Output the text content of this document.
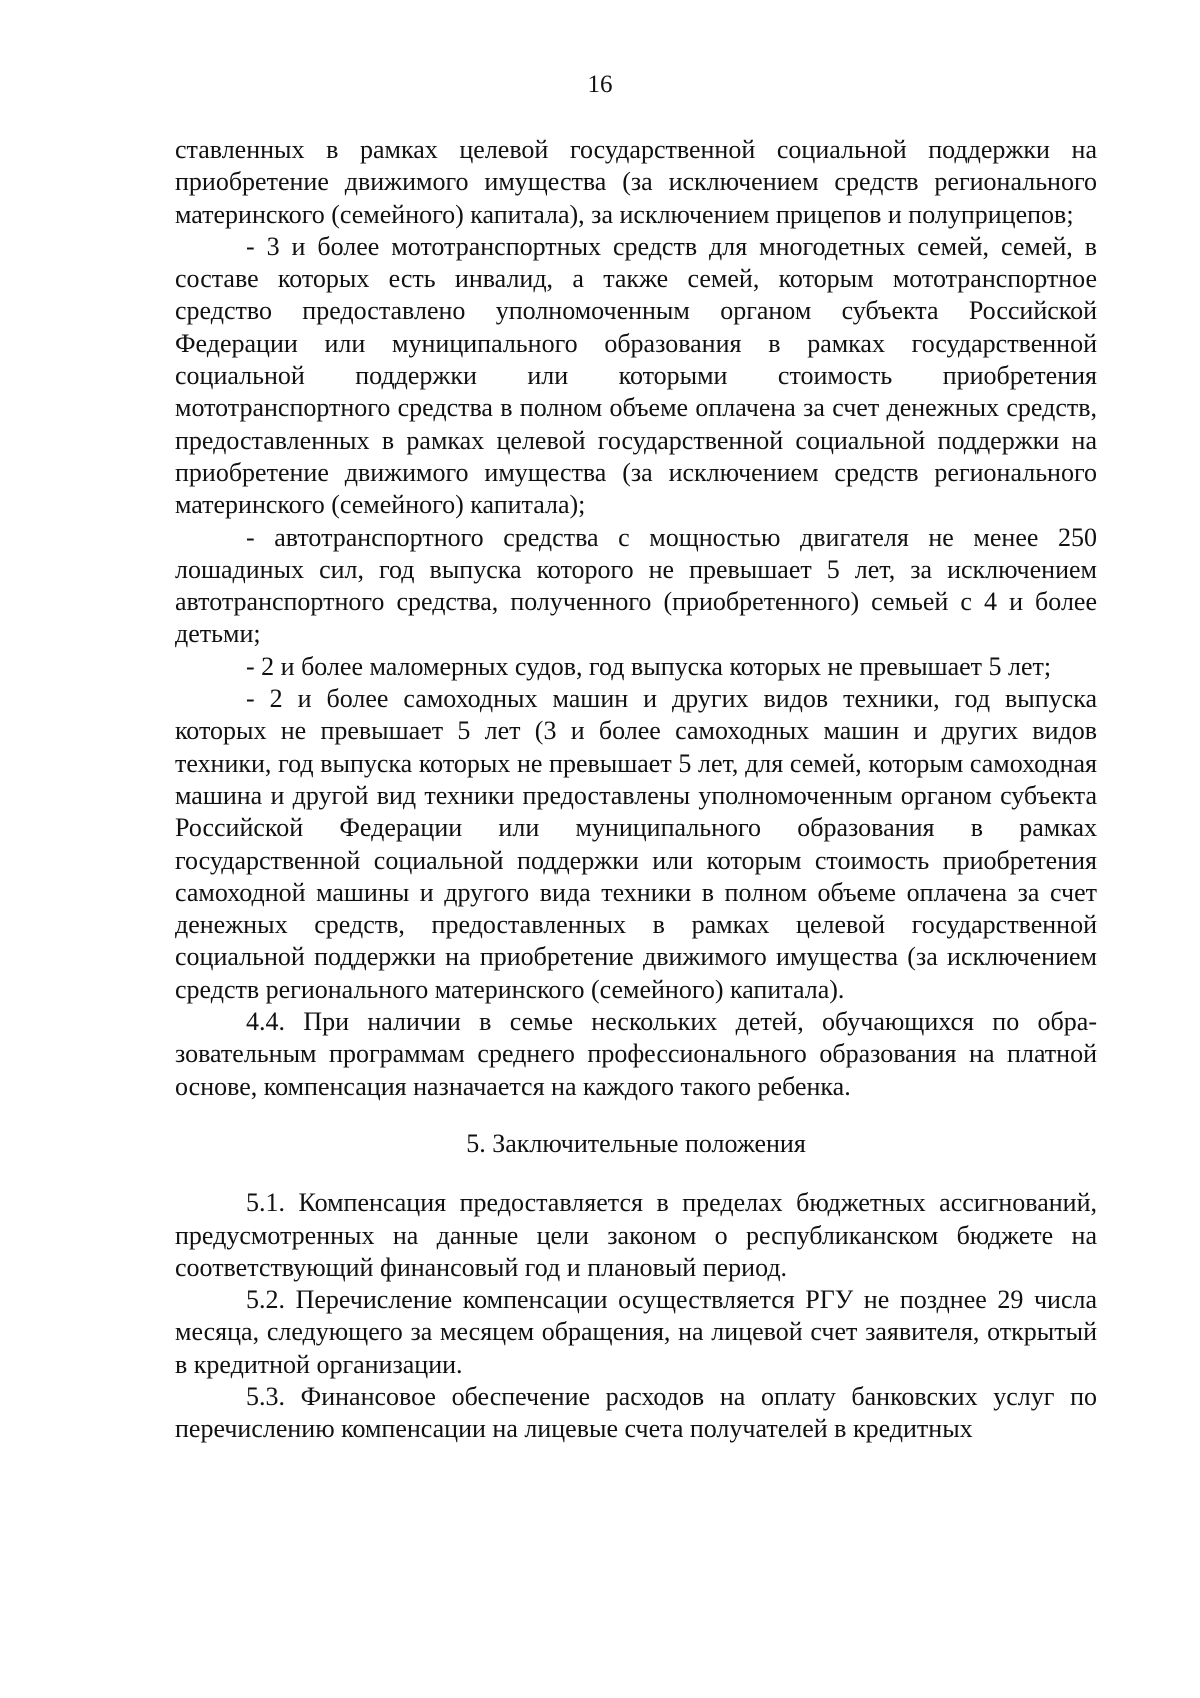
16

ставленных в рамках целевой государственной социальной поддержки на приобретение движимого имущества (за исключением средств регионального материнского (семейного) капитала), за исключением прицепов и полуприцепов;

- 3 и более мототранспортных средств для многодетных семей, семей, в составе которых есть инвалид, а также семей, которым мототранспортное средство предоставлено уполномоченным органом субъекта Российской Федерации или муниципального образования в рамках государственной социальной поддержки или которыми стоимость приобретения мототранспортного средства в полном объеме оплачена за счет денежных средств, предоставленных в рамках целевой государственной социальной поддержки на приобретение движимого имущества (за исключением средств регионального материнского (семейного) капитала);

- автотранспортного средства с мощностью двигателя не менее 250 лошадиных сил, год выпуска которого не превышает 5 лет, за исключением автотранспортного средства, полученного (приобретенного) семьей с 4 и более детьми;

- 2 и более маломерных судов, год выпуска которых не превышает 5 лет;

- 2 и более самоходных машин и других видов техники, год выпуска которых не превышает 5 лет (3 и более самоходных машин и других видов техники, год выпуска которых не превышает 5 лет, для семей, которым самоходная машина и другой вид техники предоставлены уполномоченным органом субъекта Российской Федерации или муниципального образования в рамках государственной социальной поддержки или которым стоимость приобретения самоходной машины и другого вида техники в полном объеме оплачена за счет денежных средств, предоставленных в рамках целевой государственной социальной поддержки на приобретение движимого имущества (за исключением средств регионального материнского (семейного) капитала).

4.4. При наличии в семье нескольких детей, обучающихся по образовательным программам среднего профессионального образования на платной основе, компенсация назначается на каждого такого ребенка.

5. Заключительные положения

5.1. Компенсация предоставляется в пределах бюджетных ассигнований, предусмотренных на данные цели законом о республиканском бюджете на соответствующий финансовый год и плановый период.

5.2. Перечисление компенсации осуществляется РГУ не позднее 29 числа месяца, следующего за месяцем обращения, на лицевой счет заявителя, открытый в кредитной организации.

5.3. Финансовое обеспечение расходов на оплату банковских услуг по перечислению компенсации на лицевые счета получателей в кредитных
